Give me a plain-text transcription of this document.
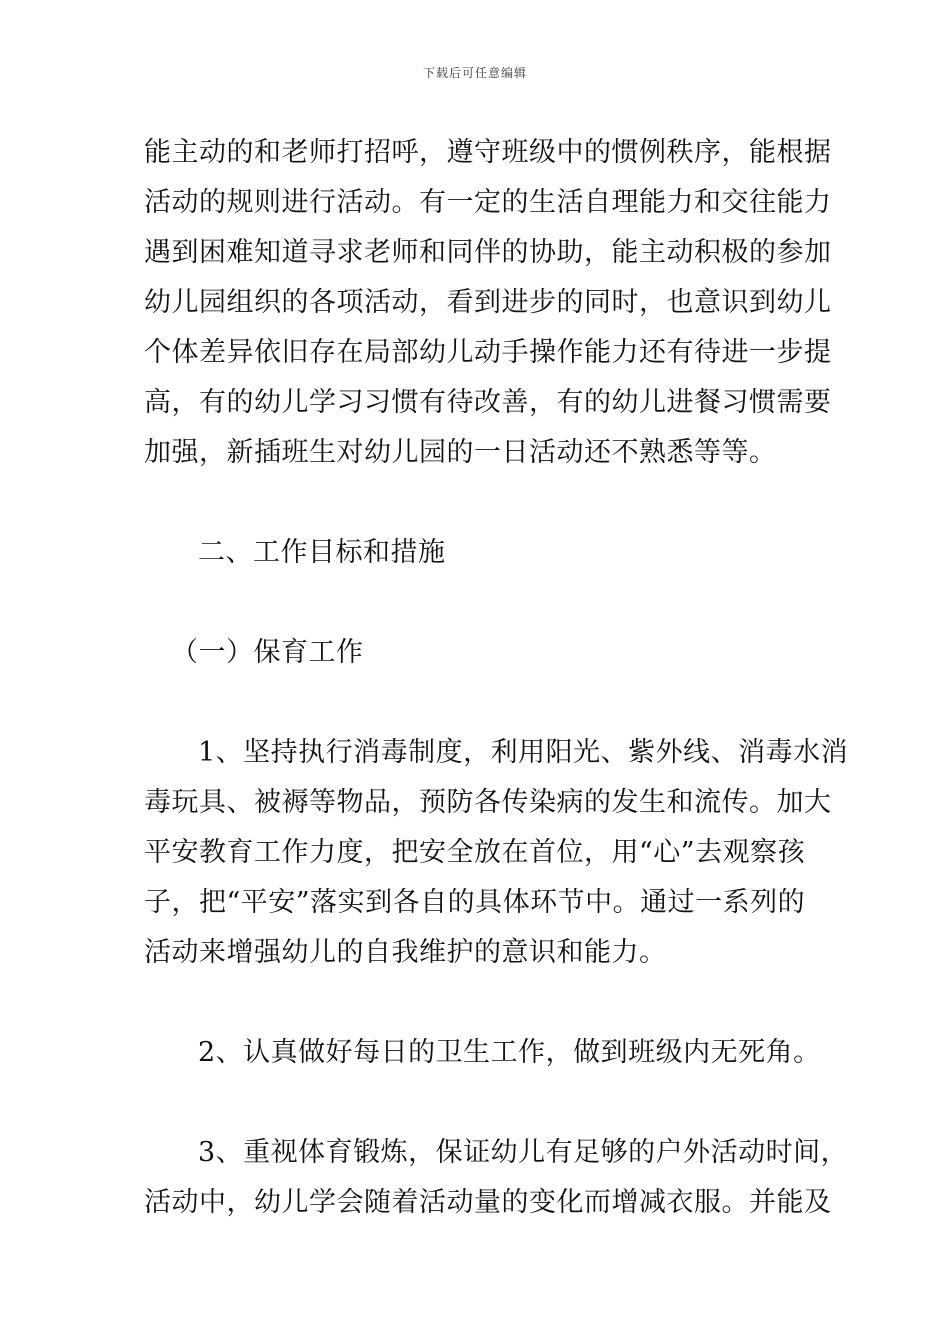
下载后可任意编辑
能主动的和老师打招呼，遵守班级中的惯例秩序，能根据
活动的规则进行活动。有一定的生活自理能力和交往能力
遇到困难知道寻求老师和同伴的协助，能主动积极的参加
幼儿园组织的各项活动，看到进步的同时，也意识到幼儿
个体差异依旧存在局部幼儿动手操作能力还有待进一步提
高，有的幼儿学习习惯有待改善，有的幼儿进餐习惯需要
加强，新插班生对幼儿园的一日活动还不熟悉等等。
二、工作目标和措施
（一）保育工作
1、坚持执行消毒制度，利用阳光、紫外线、消毒水消
毒玩具、被褥等物品，预防各传染病的发生和流传。加大
平安教育工作力度，把安全放在首位，用“心”去观察孩
子，把“平安”落实到各自的具体环节中。通过一系列的
活动来增强幼儿的自我维护的意识和能力。
2、认真做好每日的卫生工作，做到班级内无死角。
3、重视体育锻炼，保证幼儿有足够的户外活动时间，
活动中，幼儿学会随着活动量的变化而增减衣服。并能及
